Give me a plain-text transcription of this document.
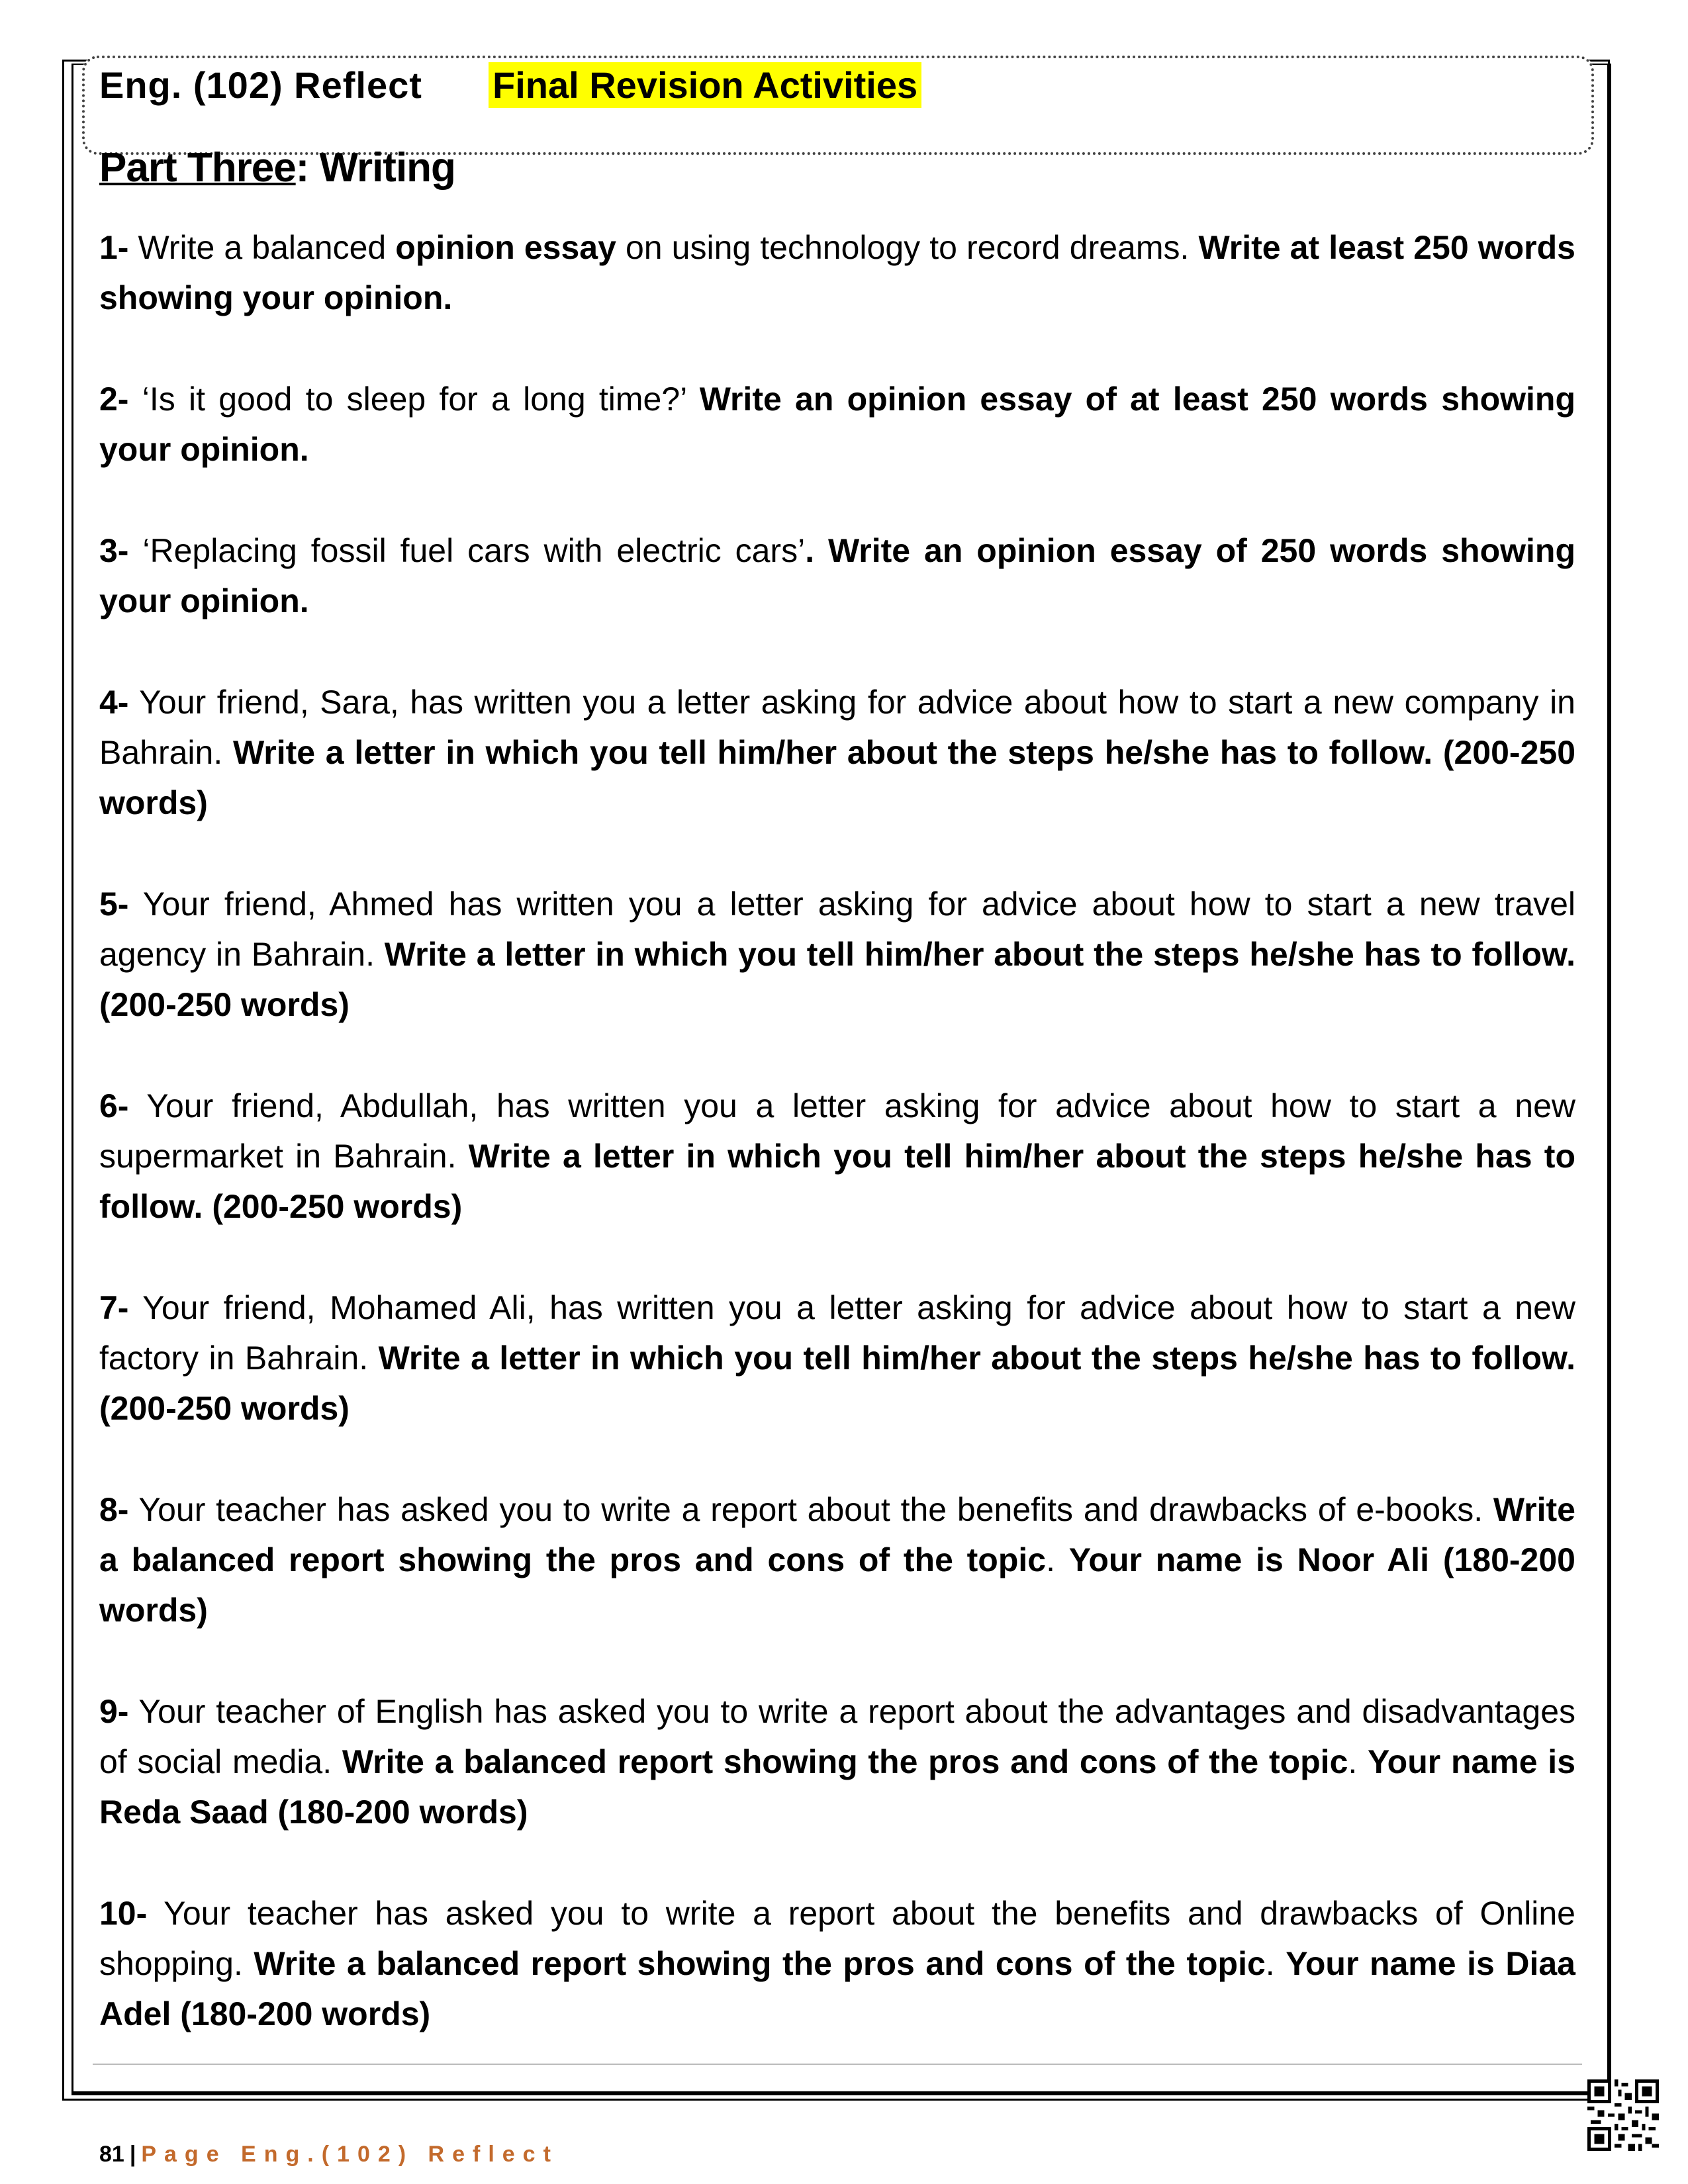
Eng. (102) Reflect Final Revision Activities
Part Three: Writing

1- Write a balanced opinion essay on using technology to record dreams. Write at least 250 words showing your opinion.

2- ‘Is it good to sleep for a long time?’ Write an opinion essay of at least 250 words showing your opinion.

3- ‘Replacing fossil fuel cars with electric cars’. Write an opinion essay of 250 words showing your opinion.

4- Your friend, Sara, has written you a letter asking for advice about how to start a new company in Bahrain. Write a letter in which you tell him/her about the steps he/she has to follow. (200-250 words)

5- Your friend, Ahmed has written you a letter asking for advice about how to start a new travel agency in Bahrain. Write a letter in which you tell him/her about the steps he/she has to follow. (200-250 words)

6- Your friend, Abdullah, has written you a letter asking for advice about how to start a new supermarket in Bahrain. Write a letter in which you tell him/her about the steps he/she has to follow. (200-250 words)

7- Your friend, Mohamed Ali, has written you a letter asking for advice about how to start a new factory in Bahrain. Write a letter in which you tell him/her about the steps he/she has to follow. (200-250 words)

8- Your teacher has asked you to write a report about the benefits and drawbacks of e-books. Write a balanced report showing the pros and cons of the topic. Your name is Noor Ali (180-200 words)

9- Your teacher of English has asked you to write a report about the advantages and disadvantages of social media. Write a balanced report showing the pros and cons of the topic. Your name is Reda Saad (180-200 words)

10- Your teacher has asked you to write a report about the benefits and drawbacks of Online shopping. Write a balanced report showing the pros and cons of the topic. Your name is Diaa Adel (180-200 words)

81 | Page Eng.(102) Reflect
